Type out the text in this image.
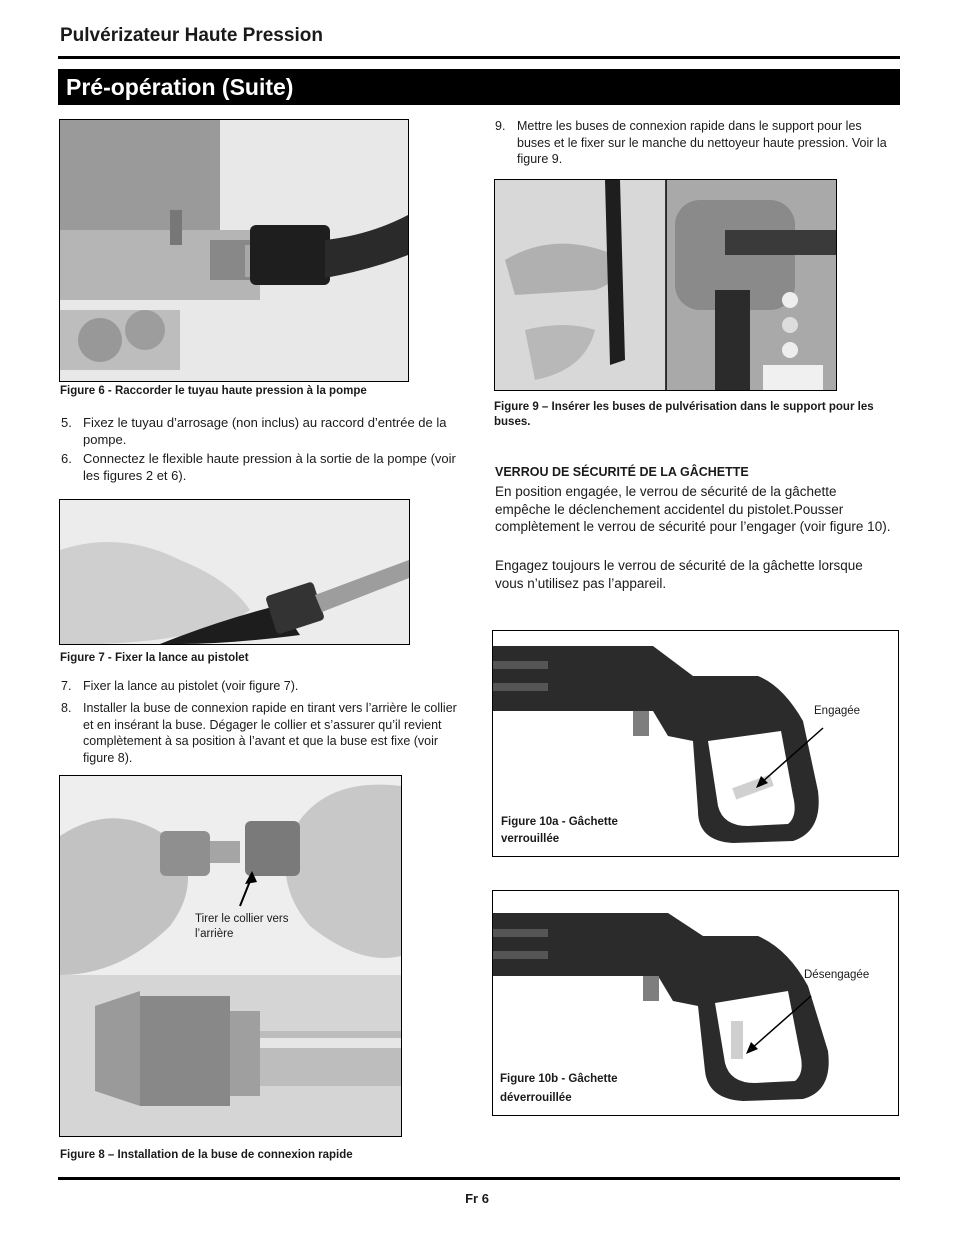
Pulvérizateur Haute Pression
Pré-opération (Suite)
Figure 6 - Raccorder le tuyau haute pression à la pompe
5. Fixez le tuyau d’arrosage (non inclus) au raccord d’entrée de la pompe.
6. Connectez le flexible haute pression à la sortie de la pompe (voir les figures 2 et 6).
Figure 7 - Fixer la lance au pistolet
7. Fixer la lance au pistolet (voir figure 7).
8. Installer la buse de connexion rapide en tirant vers l’arrière le collier et en insérant la buse. Dégager le collier et s’assurer qu’il revient complètement à sa position à l’avant et que la buse est fixe (voir figure 8).
Tirer le collier vers l’arrière
Figure 8 – Installation de la buse de connexion rapide
9. Mettre les buses de connexion rapide dans le support pour les buses et le fixer sur le manche du nettoyeur haute pression. Voir la figure 9.
Figure 9 – Insérer les buses de pulvérisation dans le support pour les buses.
VERROU DE SÉCURITÉ DE LA GÂCHETTE
En position engagée, le verrou de sécurité de la gâchette empêche le déclenchement accidentel du pistolet.Pousser complètement le verrou de sécurité pour l’engager (voir figure 10).
Engagez toujours le verrou de sécurité de la gâchette lorsque vous n’utilisez pas l’appareil.
Engagée
Figure 10a - Gâchette verrouillée
Désengagée
Figure 10b - Gâchette déverrouillée
Fr 6
